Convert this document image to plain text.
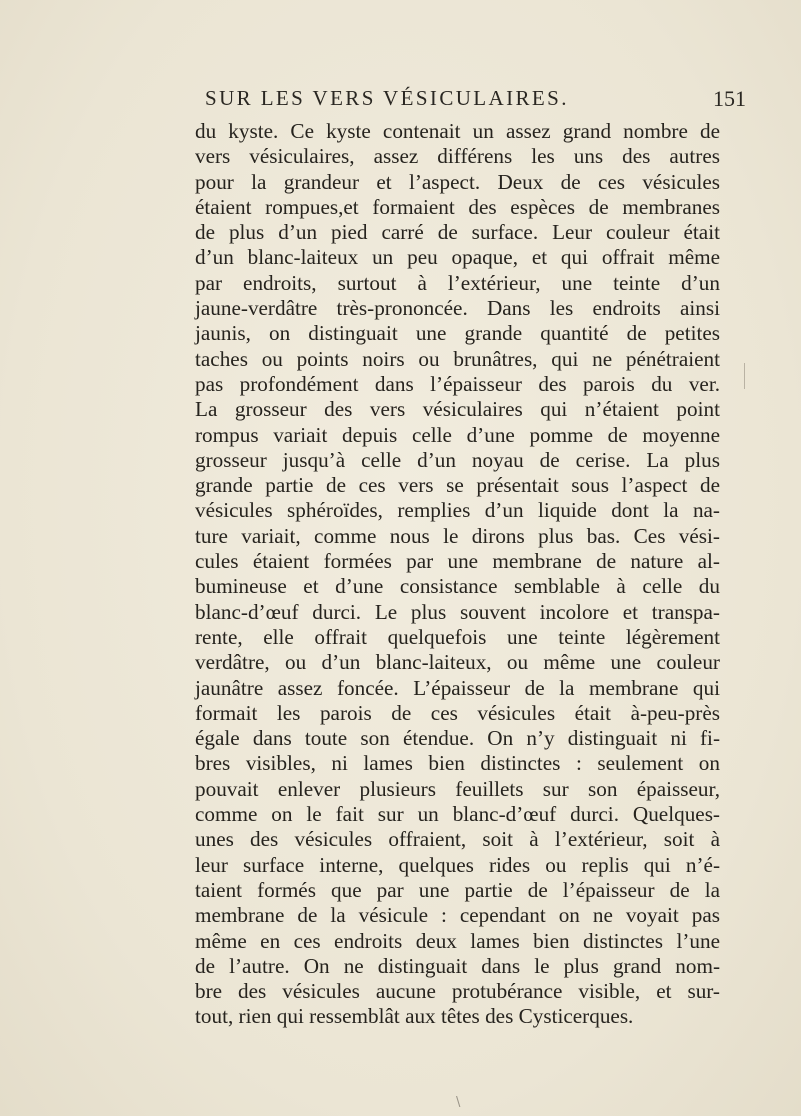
SUR LES VERS VÉSICULAIRES.	151
du kyste. Ce kyste contenait un assez grand nombre de
vers vésiculaires, assez différens les uns des autres
pour la grandeur et l’aspect. Deux de ces vésicules
étaient rompues,et formaient des espèces de membranes
de plus d’un pied carré de surface. Leur couleur était
d’un blanc-laiteux un peu opaque, et qui offrait même
par endroits, surtout à l’extérieur, une teinte d’un
jaune-verdâtre très-prononcée. Dans les endroits ainsi
jaunis, on distinguait une grande quantité de petites
taches ou points noirs ou brunâtres, qui ne pénétraient
pas profondément dans l’épaisseur des parois du ver.
La grosseur des vers vésiculaires qui n’étaient point
rompus variait depuis celle d’une pomme de moyenne
grosseur jusqu’à celle d’un noyau de cerise. La plus
grande partie de ces vers se présentait sous l’aspect de
vésicules sphéroïdes, remplies d’un liquide dont la na-
ture variait, comme nous le dirons plus bas. Ces vési-
cules étaient formées par une membrane de nature al-
bumineuse et d’une consistance semblable à celle du
blanc-d’œuf durci. Le plus souvent incolore et transpa-
rente, elle offrait quelquefois une teinte légèrement
verdâtre, ou d’un blanc-laiteux, ou même une couleur
jaunâtre assez foncée. L’épaisseur de la membrane qui
formait les parois de ces vésicules était à-peu-près
égale dans toute son étendue. On n’y distinguait ni fi-
bres visibles, ni lames bien distinctes : seulement on
pouvait enlever plusieurs feuillets sur son épaisseur,
comme on le fait sur un blanc-d’œuf durci. Quelques-
unes des vésicules offraient, soit à l’extérieur, soit à
leur surface interne, quelques rides ou replis qui n’é-
taient formés que par une partie de l’épaisseur de la
membrane de la vésicule : cependant on ne voyait pas
même en ces endroits deux lames bien distinctes l’une
de l’autre. On ne distinguait dans le plus grand nom-
bre des vésicules aucune protubérance visible, et sur-
tout, rien qui ressemblât aux têtes des Cysticerques.
\
